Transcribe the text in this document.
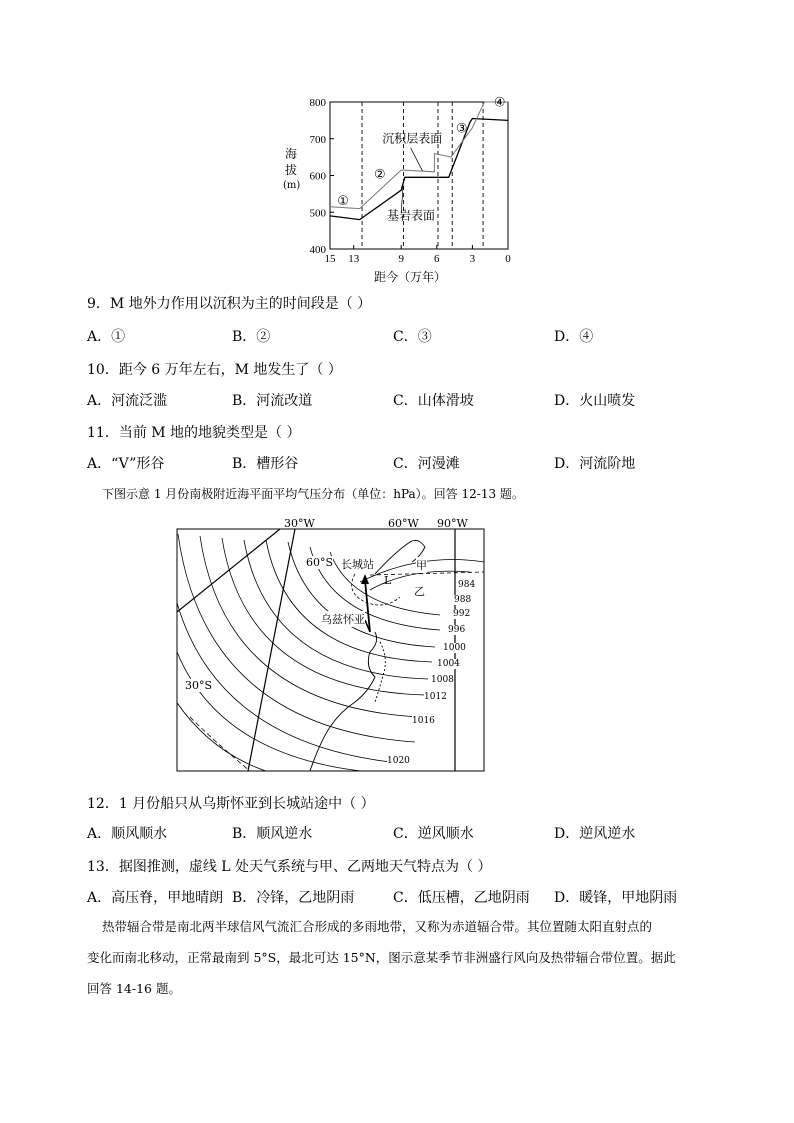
400
500
600
700
800
15 13	9	6	3	0
①
②
③
④
沉积层表面
基岩表面
海
拔
(m)
距今（万年）
9．M 地外力作用以沉积为主的时间段是（ ）
A．①	B．②	C．③	D．④
10．距今 6 万年左右，M 地发生了（ ）
A．河流泛滥	B．河流改道	C．山体滑坡	D．火山喷发
11．当前 M 地的地貌类型是（ ）
A．“V”形谷	B．槽形谷	C．河漫滩	D．河流阶地
下图示意 1 月份南极附近海平面平均气压分布（单位：hPa）。回答 12-13 题。
30°W	60°W 90°W
60°S
30°S
长城站
乌兹怀亚
甲
乙
L	984
988
992
996
1000
1004
1008
1012
1016
1020
12．1 月份船只从乌斯怀亚到长城站途中（ ）
A．顺风顺水	B．顺风逆水	C．逆风顺水	D．逆风逆水
13．据图推测，虚线 L 处天气系统与甲、乙两地天气特点为（ ）
A．高压脊，甲地晴朗 B．冷锋，乙地阴雨	C．低压槽，乙地阴雨 D．暖锋，甲地阴雨
热带辐合带是南北两半球信风气流汇合形成的多雨地带，又称为赤道辐合带。其位置随太阳直射点的
变化而南北移动，正常最南到 5°S，最北可达 15°N，图示意某季节非洲盛行风向及热带辐合带位置。据此
回答 14-16 题。
